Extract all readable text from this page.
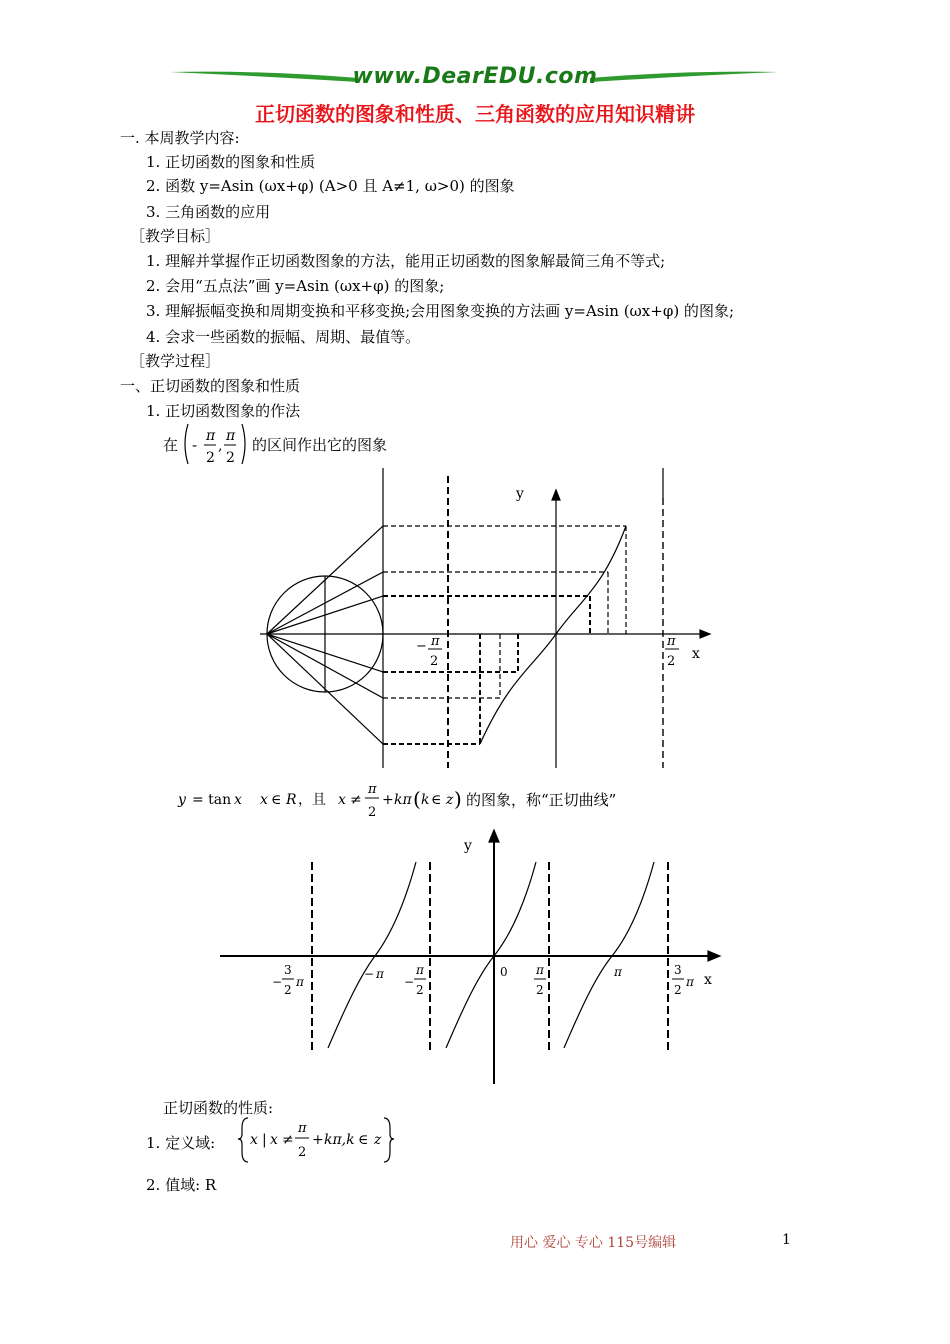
www.DearEDU.com
正切函数的图象和性质、三角函数的应用知识精讲
一. 本周教学内容:
1. 正切函数的图象和性质
2. 函数 y=Asin (ωx+φ) (A>0 且 A≠1, ω>0) 的图象
3. 三角函数的应用
［教学目标］
1. 理解并掌握作正切函数图象的方法，能用正切函数的图象解最简三角不等式;
2. 会用“五点法”画 y=Asin (ωx+φ) 的图象;
3. 理解振幅变换和周期变换和平移变换;会用图象变换的方法画 y=Asin (ωx+φ) 的图象;
4. 会求一些函数的振幅、周期、最值等。
［教学过程］
一、正切函数的图象和性质
1. 正切函数图象的作法
在 - π
2
,
π
2
的区间作出它的图象
y
x
− π
2
π
2
y = tan x x ∈ R ，且 x ≠
π
2
+ kπ ( k ∈ z ) 的图象，称“正切曲线”
y
x
−
3
2
π
− π
−
π
2
0 π
2
π	3
2
π
正切函数的性质:
1. 定义域: x | x ≠
π
2
+ kπ,k ∈ z
2. 值域: R
用心 爱心 专心 115号编辑	1
